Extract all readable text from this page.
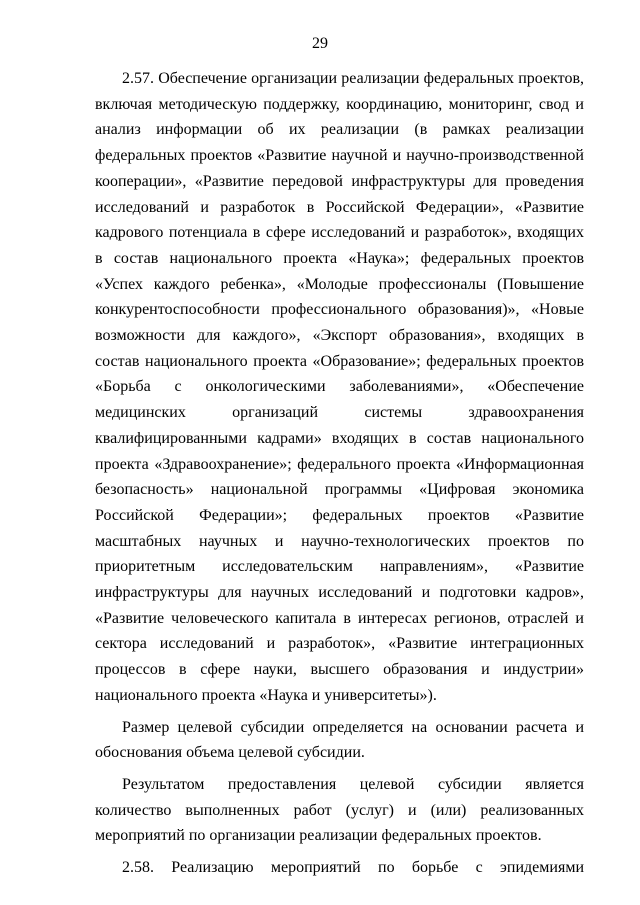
29

2.57. Обеспечение организации реализации федеральных проектов, включая методическую поддержку, координацию, мониторинг, свод и анализ информации об их реализации (в рамках реализации федеральных проектов «Развитие научной и научно-производственной кооперации», «Развитие передовой инфраструктуры для проведения исследований и разработок в Российской Федерации», «Развитие кадрового потенциала в сфере исследований и разработок», входящих в состав национального проекта «Наука»; федеральных проектов «Успех каждого ребенка», «Молодые профессионалы (Повышение конкурентоспособности профессионального образования)», «Новые возможности для каждого», «Экспорт образования», входящих в состав национального проекта «Образование»; федеральных проектов «Борьба с онкологическими заболеваниями», «Обеспечение медицинских организаций системы здравоохранения квалифицированными кадрами» входящих в состав национального проекта «Здравоохранение»; федерального проекта «Информационная безопасность» национальной программы «Цифровая экономика Российской Федерации»; федеральных проектов «Развитие масштабных научных и научно-технологических проектов по приоритетным исследовательским направлениям», «Развитие инфраструктуры для научных исследований и подготовки кадров», «Развитие человеческого капитала в интересах регионов, отраслей и сектора исследований и разработок», «Развитие интеграционных процессов в сфере науки, высшего образования и индустрии» национального проекта «Наука и университеты»).

Размер целевой субсидии определяется на основании расчета и обоснования объема целевой субсидии.

Результатом предоставления целевой субсидии является количество выполненных работ (услуг) и (или) реализованных мероприятий по организации реализации федеральных проектов.

2.58. Реализацию мероприятий по борьбе с эпидемиями
